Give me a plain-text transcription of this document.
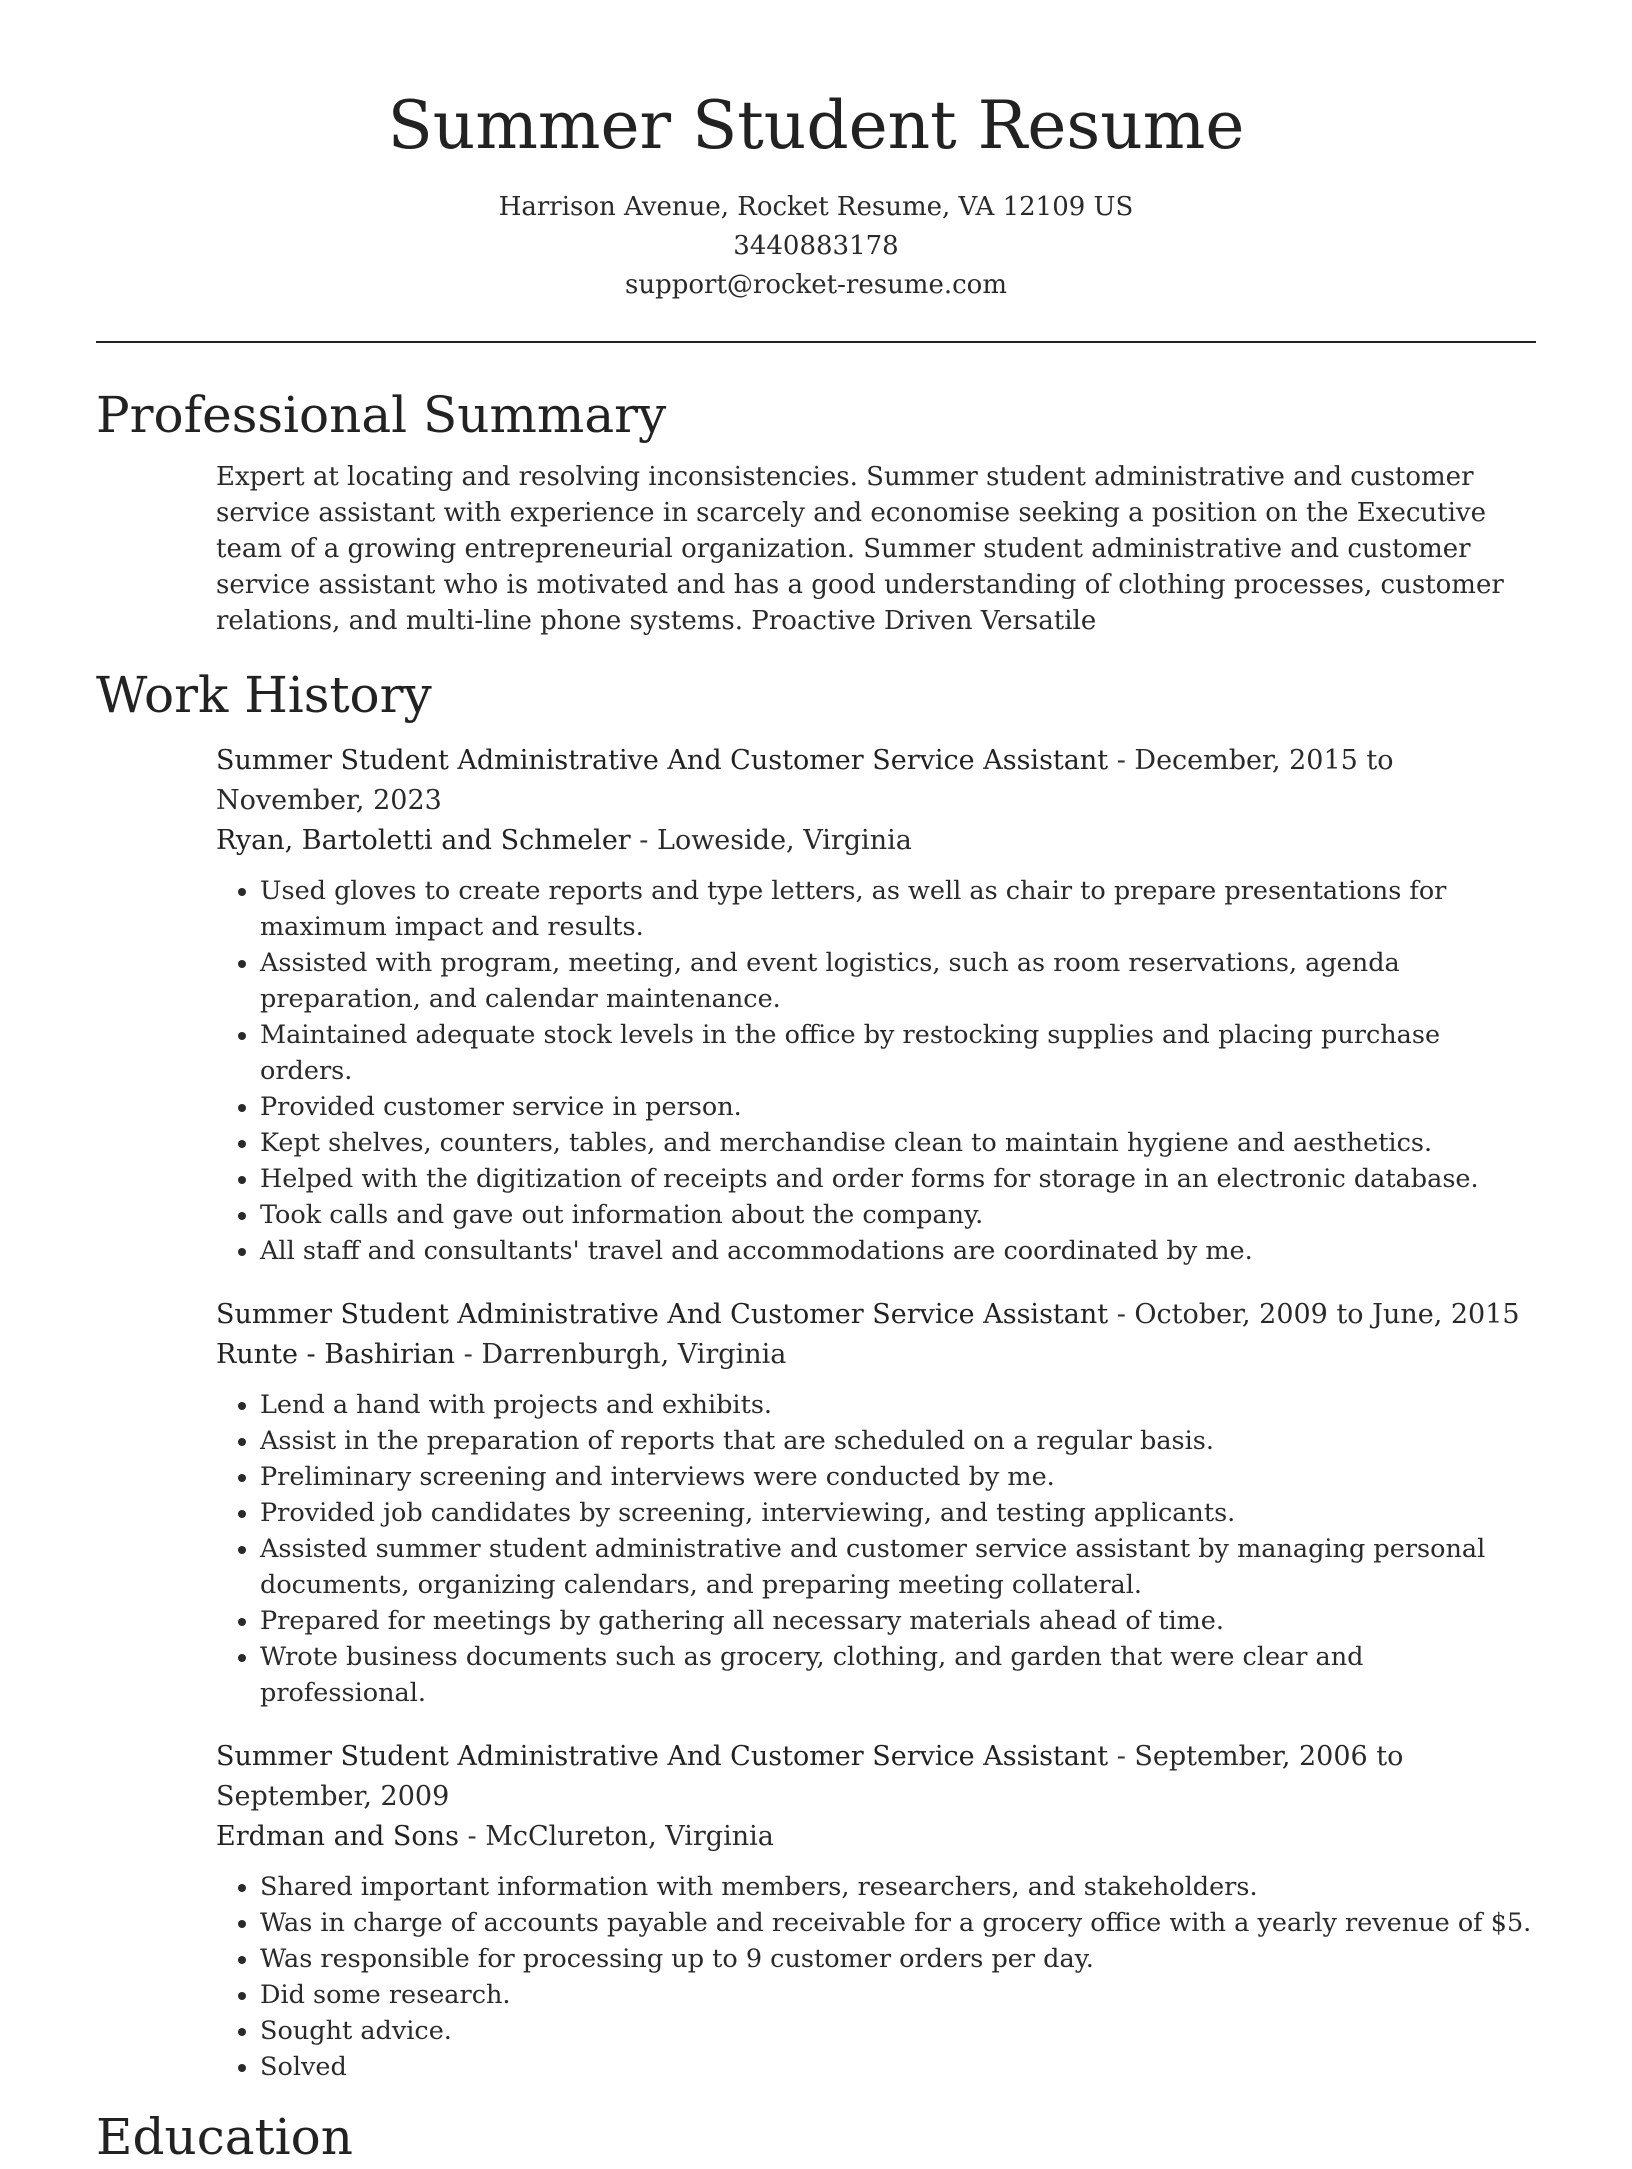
Summer Student Resume
Harrison Avenue, Rocket Resume, VA 12109 US
3440883178
support@rocket-resume.com
Professional Summary

Expert at locating and resolving inconsistencies. Summer student administrative and customer service assistant with experience in scarcely and economise seeking a position on the Executive team of a growing entrepreneurial organization. Summer student administrative and customer service assistant who is motivated and has a good understanding of clothing processes, customer relations, and multi-line phone systems. Proactive Driven Versatile

Work History
Summer Student Administrative And Customer Service Assistant - December, 2015 to November, 2023
Ryan, Bartoletti and Schmeler - Loweside, Virginia
• Used gloves to create reports and type letters, as well as chair to prepare presentations for maximum impact and results.
• Assisted with program, meeting, and event logistics, such as room reservations, agenda preparation, and calendar maintenance.
• Maintained adequate stock levels in the office by restocking supplies and placing purchase orders.
• Provided customer service in person.
• Kept shelves, counters, tables, and merchandise clean to maintain hygiene and aesthetics.
• Helped with the digitization of receipts and order forms for storage in an electronic database.
• Took calls and gave out information about the company.
• All staff and consultants' travel and accommodations are coordinated by me.
Summer Student Administrative And Customer Service Assistant - October, 2009 to June, 2015
Runte - Bashirian - Darrenburgh, Virginia
• Lend a hand with projects and exhibits.
• Assist in the preparation of reports that are scheduled on a regular basis.
• Preliminary screening and interviews were conducted by me.
• Provided job candidates by screening, interviewing, and testing applicants.
• Assisted summer student administrative and customer service assistant by managing personal documents, organizing calendars, and preparing meeting collateral.
• Prepared for meetings by gathering all necessary materials ahead of time.
• Wrote business documents such as grocery, clothing, and garden that were clear and professional.
Summer Student Administrative And Customer Service Assistant - September, 2006 to September, 2009
Erdman and Sons - McClureton, Virginia
• Shared important information with members, researchers, and stakeholders.
• Was in charge of accounts payable and receivable for a grocery office with a yearly revenue of $5.
• Was responsible for processing up to 9 customer orders per day.
• Did some research.
• Sought advice.
• Solved
Education
